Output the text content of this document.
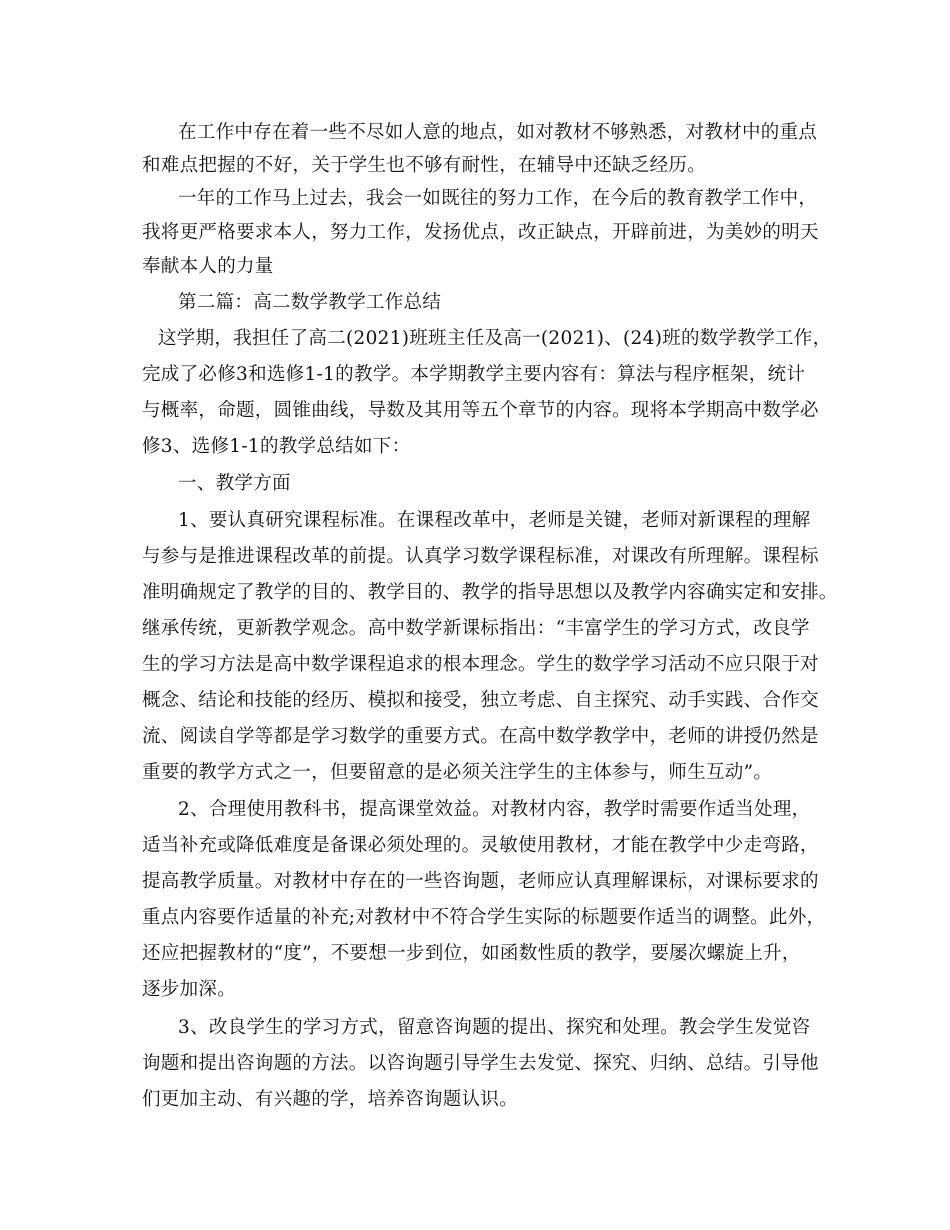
在工作中存在着一些不尽如人意的地点，如对教材不够熟悉，对教材中的重点
和难点把握的不好，关于学生也不够有耐性，在辅导中还缺乏经历。
一年的工作马上过去，我会一如既往的努力工作，在今后的教育教学工作中，
我将更严格要求本人，努力工作，发扬优点，改正缺点，开辟前进，为美妙的明天
奉献本人的力量
第二篇：高二数学教学工作总结
这学期，我担任了高二(2021)班班主任及高一(2021)、(24)班的数学教学工作，
完成了必修3和选修1-1的教学。本学期教学主要内容有：算法与程序框架，统计
与概率，命题，圆锥曲线，导数及其用等五个章节的内容。现将本学期高中数学必
修3、选修1-1的教学总结如下：
一、教学方面
1、要认真研究课程标准。在课程改革中，老师是关键，老师对新课程的理解
与参与是推进课程改革的前提。认真学习数学课程标准，对课改有所理解。课程标
准明确规定了教学的目的、教学目的、教学的指导思想以及教学内容确实定和安排。
继承传统，更新教学观念。高中数学新课标指出：“丰富学生的学习方式，改良学
生的学习方法是高中数学课程追求的根本理念。学生的数学学习活动不应只限于对
概念、结论和技能的经历、模拟和接受，独立考虑、自主探究、动手实践、合作交
流、阅读自学等都是学习数学的重要方式。在高中数学教学中，老师的讲授仍然是
重要的教学方式之一，但要留意的是必须关注学生的主体参与，师生互动”。
2、合理使用教科书，提高课堂效益。对教材内容，教学时需要作适当处理，
适当补充或降低难度是备课必须处理的。灵敏使用教材，才能在教学中少走弯路，
提高教学质量。对教材中存在的一些咨询题，老师应认真理解课标，对课标要求的
重点内容要作适量的补充;对教材中不符合学生实际的标题要作适当的调整。此外，
还应把握教材的“度”，不要想一步到位，如函数性质的教学，要屡次螺旋上升，
逐步加深。
3、改良学生的学习方式，留意咨询题的提出、探究和处理。教会学生发觉咨
询题和提出咨询题的方法。以咨询题引导学生去发觉、探究、归纳、总结。引导他
们更加主动、有兴趣的学，培养咨询题认识。
